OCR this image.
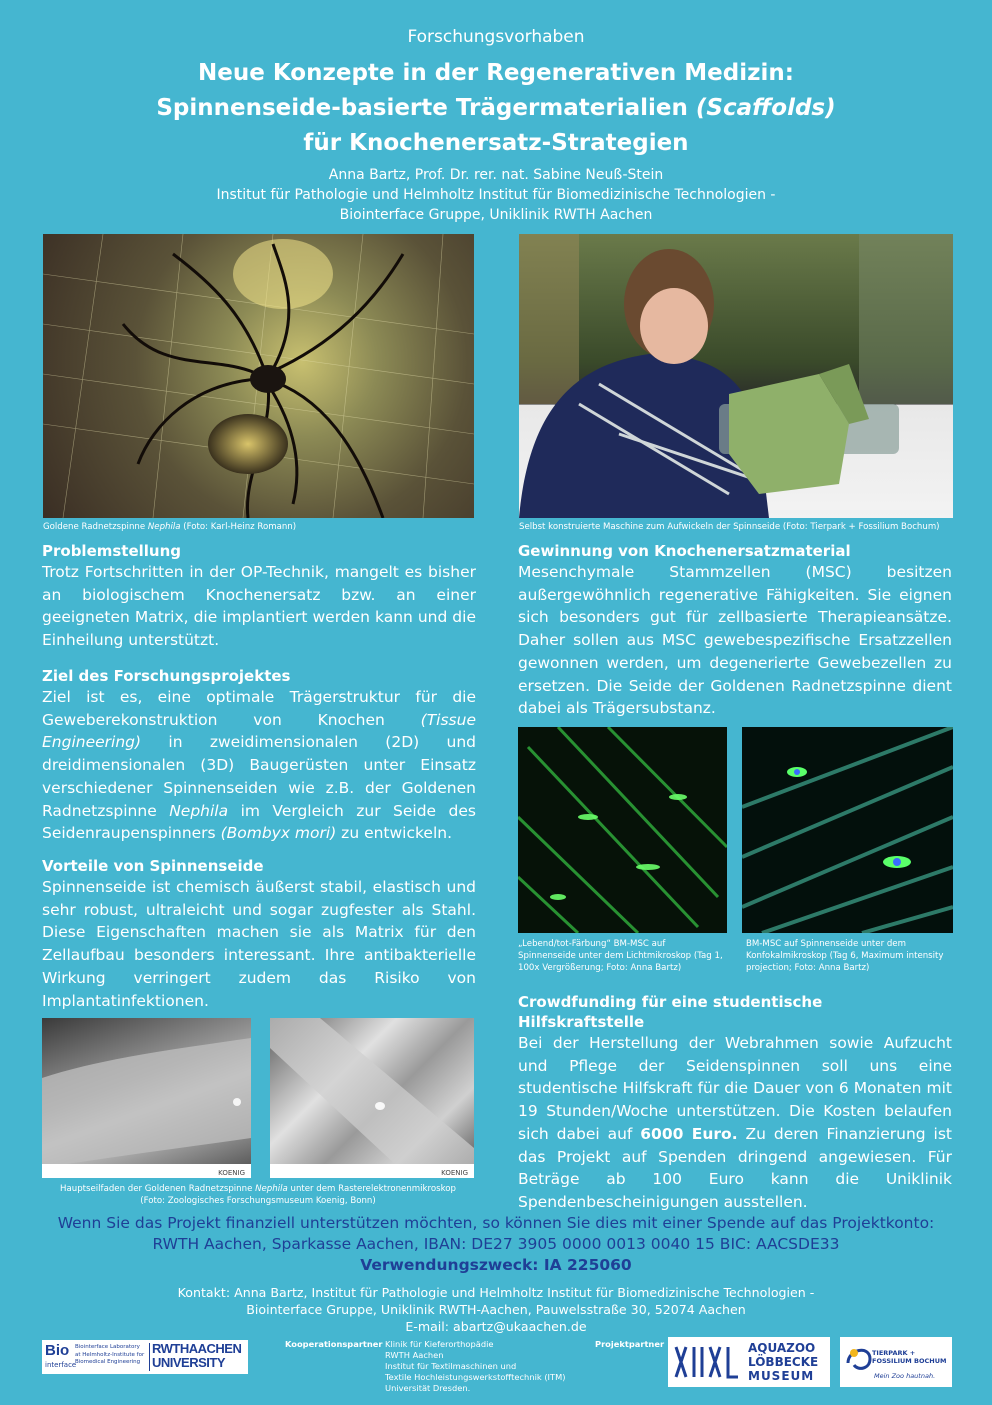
Forschungsvorhaben
Neue Konzepte in der Regenerativen Medizin:
Spinnenseide-basierte Trägermaterialien (Scaffolds)
für Knochenersatz-Strategien
Anna Bartz, Prof. Dr. rer. nat. Sabine Neuß-Stein
Institut für Pathologie und Helmholtz Institut für Biomedizinische Technologien -
Biointerface Gruppe, Uniklinik RWTH Aachen
Goldene Radnetzspinne Nephila (Foto: Karl-Heinz Romann)	Selbst konstruierte Maschine zum Aufwickeln der Spinnseide (Foto: Tierpark + Fossilium Bochum)
Problemstellung

Trotz Fortschritten in der OP-Technik, mangelt es bisher an biologischem Knochenersatz bzw. an einer geeigneten Matrix, die implantiert werden kann und die Einheilung unterstützt.

Ziel des Forschungsprojektes

Ziel ist es, eine optimale Trägerstruktur für die Geweberekonstruktion von Knochen (Tissue Engineering) in zweidimensionalen (2D) und dreidimensionalen (3D) Baugerüsten unter Einsatz verschiedener Spinnenseiden wie z.B. der Goldenen Radnetzspinne Nephila im Vergleich zur Seide des Seidenraupenspinners (Bombyx mori) zu entwickeln.

Vorteile von Spinnenseide

Spinnenseide ist chemisch äußerst stabil, elastisch und sehr robust, ultraleicht und sogar zugfester als Stahl. Diese Eigenschaften machen sie als Matrix für den Zellaufbau besonders interessant. Ihre antibakterielle Wirkung verringert zudem das Risiko von Implantatinfektionen.

KOENIG	KOENIG
Hauptseilfaden der Goldenen Radnetzspinne Nephila unter dem Rasterelektronenmikroskop
(Foto: Zoologisches Forschungsmuseum Koenig, Bonn)
Gewinnung von Knochenersatzmaterial

Mesenchymale Stammzellen (MSC) besitzen außergewöhnlich regenerative Fähigkeiten. Sie eignen sich besonders gut für zellbasierte Therapieansätze. Daher sollen aus MSC gewebespezifische Ersatzzellen gewonnen werden, um degenerierte Gewebezellen zu ersetzen. Die Seide der Goldenen Radnetzspinne dient dabei als Trägersubstanz.

„Lebend/tot-Färbung“ BM-MSC auf Spinnenseide unter dem Lichtmikroskop (Tag 1, 100x Vergrößerung; Foto: Anna Bartz)
BM-MSC auf Spinnenseide unter dem Konfokalmikroskop (Tag 6, Maximum intensity projection; Foto: Anna Bartz)
Crowdfunding für eine studentische Hilfskraftstelle

Bei der Herstellung der Webrahmen sowie Aufzucht und Pflege der Seidenspinnen soll uns eine studentische Hilfskraft für die Dauer von 6 Monaten mit 19 Stunden/Woche unterstützen. Die Kosten belaufen sich dabei auf 6000 Euro. Zu deren Finanzierung ist das Projekt auf Spenden dringend angewiesen. Für Beträge ab 100 Euro kann die Uniklinik Spendenbescheinigungen ausstellen.

Wenn Sie das Projekt finanziell unterstützen möchten, so können Sie dies mit einer Spende auf das Projektkonto:
RWTH Aachen, Sparkasse Aachen, IBAN: DE27 3905 0000 0013 0040 15 BIC: AACSDE33
Verwendungszweck: IA 225060
Kontakt: Anna Bartz, Institut für Pathologie und Helmholtz Institut für Biomedizinische Technologien -
Biointerface Gruppe, Uniklinik RWTH-Aachen, Pauwelsstraße 30, 52074 Aachen
E-mail: abartz@ukaachen.de
Bio
interface
Biointerface Laboratory
at Helmholtz-Institute for
Biomedical Engineering
RWTHAACHEN
UNIVERSITY
Kooperationspartner Klinik für Kieferorthopädie
RWTH Aachen
Institut für Textilmaschinen und
Textile Hochleistungswerkstofftechnik (ITM)
Universität Dresden.
Projektpartner	AQUAZOO
LÖBBECKE
MUSEUM
TIERPARK +
FOSSILIUM BOCHUM
Mein Zoo hautnah.
